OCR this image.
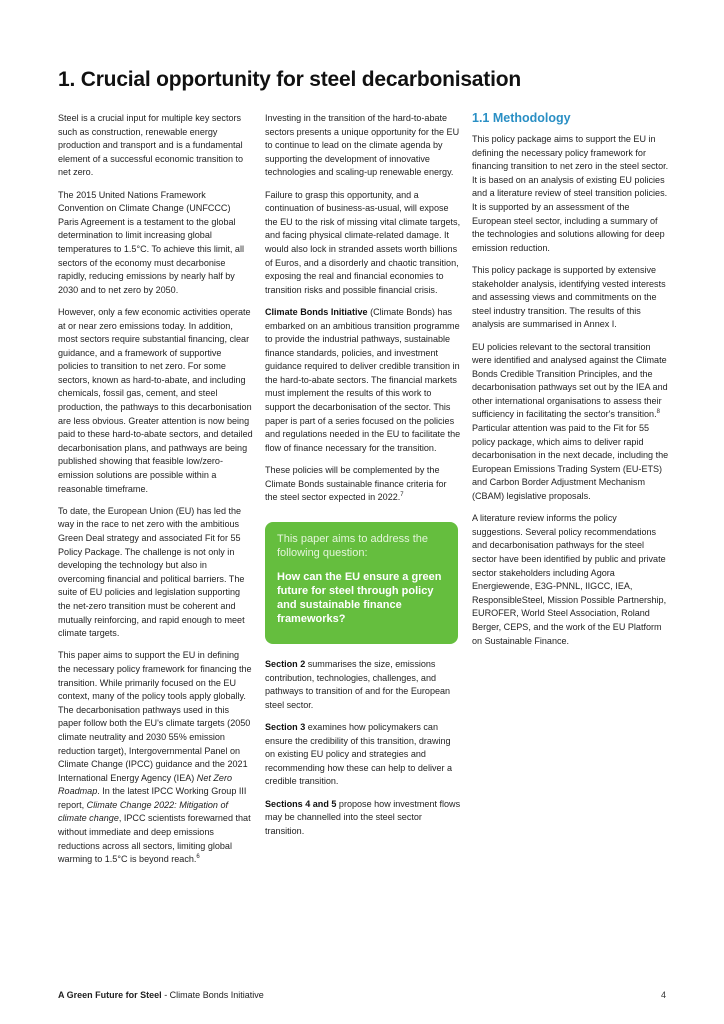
1. Crucial opportunity for steel decarbonisation

Steel is a crucial input for multiple key sectors such as construction, renewable energy production and transport and is a fundamental element of a successful economic transition to net zero.

The 2015 United Nations Framework Convention on Climate Change (UNFCCC) Paris Agreement is a testament to the global determination to limit increasing global temperatures to 1.5°C. To achieve this limit, all sectors of the economy must decarbonise rapidly, reducing emissions by nearly half by 2030 and to net zero by 2050.

However, only a few economic activities operate at or near zero emissions today. In addition, most sectors require substantial financing, clear guidance, and a framework of supportive policies to transition to net zero. For some sectors, known as hard-to-abate, and including chemicals, fossil gas, cement, and steel production, the pathways to this decarbonisation are less obvious. Greater attention is now being paid to these hard-to-abate sectors, and detailed decarbonisation plans, and pathways are being published showing that feasible low/zero-emission solutions are possible within a reasonable timeframe.

To date, the European Union (EU) has led the way in the race to net zero with the ambitious Green Deal strategy and associated Fit for 55 Policy Package. The challenge is not only in developing the technology but also in overcoming financial and political barriers. The suite of EU policies and legislation supporting the net-zero transition must be coherent and mutually reinforcing, and rapid enough to meet climate targets.

This paper aims to support the EU in defining the necessary policy framework for financing the transition. While primarily focused on the EU context, many of the policy tools apply globally. The decarbonisation pathways used in this paper follow both the EU's climate targets (2050 climate neutrality and 2030 55% emission reduction target), Intergovernmental Panel on Climate Change (IPCC) guidance and the 2021 International Energy Agency (IEA) Net Zero Roadmap. In the latest IPCC Working Group III report, Climate Change 2022: Mitigation of climate change, IPCC scientists forewarned that without immediate and deep emissions reductions across all sectors, limiting global warming to 1.5°C is beyond reach.$^6$

Investing in the transition of the hard-to-abate sectors presents a unique opportunity for the EU to continue to lead on the climate agenda by supporting the development of innovative technologies and scaling-up renewable energy.

Failure to grasp this opportunity, and a continuation of business-as-usual, will expose the EU to the risk of missing vital climate targets, and facing physical climate-related damage. It would also lock in stranded assets worth billions of Euros, and a disorderly and chaotic transition, exposing the real and financial economies to transition risks and possible financial crisis.

Climate Bonds Initiative (Climate Bonds) has embarked on an ambitious transition programme to provide the industrial pathways, sustainable finance standards, policies, and investment guidance required to deliver credible transition in the hard-to-abate sectors. The financial markets must implement the results of this work to support the decarbonisation of the sector. This paper is part of a series focused on the policies and regulations needed in the EU to facilitate the flow of finance necessary for the transition.

These policies will be complemented by the Climate Bonds sustainable finance criteria for the steel sector expected in 2022.$^7$

This paper aims to address the following question:

How can the EU ensure a green future for steel through policy and sustainable finance frameworks?

Section 2 summarises the size, emissions contribution, technologies, challenges, and pathways to transition of and for the European steel sector.

Section 3 examines how policymakers can ensure the credibility of this transition, drawing on existing EU policy and strategies and recommending how these can help to deliver a credible transition.

Sections 4 and 5 propose how investment flows may be channelled into the steel sector transition.

1.1 Methodology

This policy package aims to support the EU in defining the necessary policy framework for financing transition to net zero in the steel sector. It is based on an analysis of existing EU policies and a literature review of steel transition policies. It is supported by an assessment of the European steel sector, including a summary of the technologies and solutions allowing for deep emission reduction.

This policy package is supported by extensive stakeholder analysis, identifying vested interests and assessing views and commitments on the steel industry transition. The results of this analysis are summarised in Annex I.

EU policies relevant to the sectoral transition were identified and analysed against the Climate Bonds Credible Transition Principles, and the decarbonisation pathways set out by the IEA and other international organisations to assess their sufficiency in facilitating the sector's transition.$^8$ Particular attention was paid to the Fit for 55 policy package, which aims to deliver rapid decarbonisation in the next decade, including the European Emissions Trading System (EU-ETS) and Carbon Border Adjustment Mechanism (CBAM) legislative proposals.

A literature review informs the policy suggestions. Several policy recommendations and decarbonisation pathways for the steel sector have been identified by public and private sector stakeholders including Agora Energiewende, E3G-PNNL, IIGCC, IEA, ResponsibleSteel, Mission Possible Partnership, EUROFER, World Steel Association, Roland Berger, CEPS, and the work of the EU Platform on Sustainable Finance.

A Green Future for Steel - Climate Bonds Initiative	4
